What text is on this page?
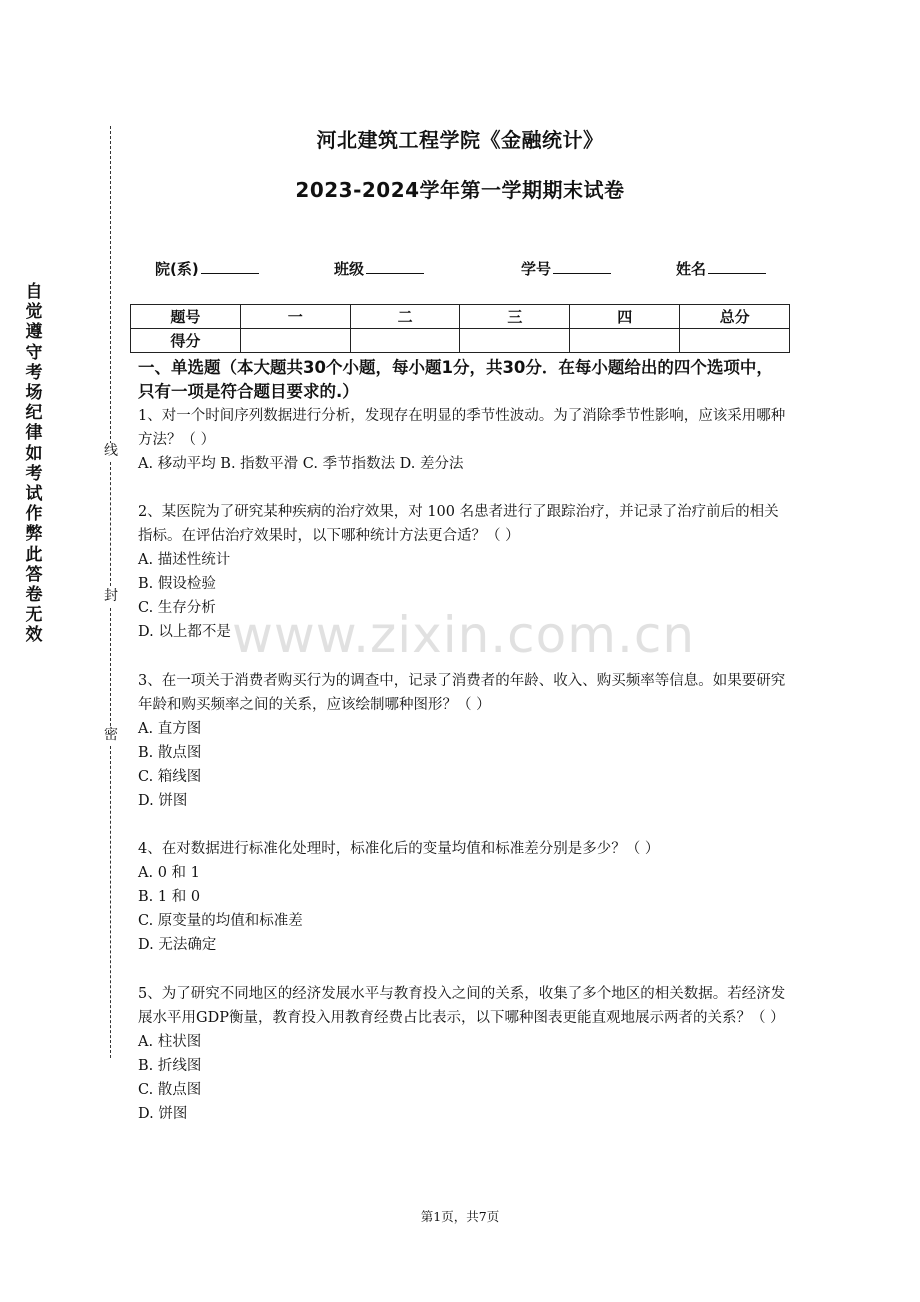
自觉遵守考场纪律如考试作弊此答卷无效
线
封
密
河北建筑工程学院《金融统计》
2023-2024学年第一学期期末试卷
院(系)	班级	学号	姓名
题号	一	二	三	四	总分
得分					
一、单选题（本大题共30个小题，每小题1分，共30分．在每小题给出的四个选项中，只有一项是符合题目要求的.）

1、对一个时间序列数据进行分析，发现存在明显的季节性波动。为了消除季节性影响，应该采用哪种方法？（ ）

A. 移动平均 B. 指数平滑 C. 季节指数法 D. 差分法

2、某医院为了研究某种疾病的治疗效果，对 100 名患者进行了跟踪治疗，并记录了治疗前后的相关指标。在评估治疗效果时，以下哪种统计方法更合适？（ ）

A. 描述性统计

B. 假设检验

C. 生存分析

D. 以上都不是

3、在一项关于消费者购买行为的调查中，记录了消费者的年龄、收入、购买频率等信息。如果要研究年龄和购买频率之间的关系，应该绘制哪种图形？（ ）

A. 直方图

B. 散点图

C. 箱线图

D. 饼图

4、在对数据进行标准化处理时，标准化后的变量均值和标准差分别是多少？（ ）

A. 0 和 1

B. 1 和 0

C. 原变量的均值和标准差

D. 无法确定

5、为了研究不同地区的经济发展水平与教育投入之间的关系，收集了多个地区的相关数据。若经济发展水平用GDP衡量，教育投入用教育经费占比表示，以下哪种图表更能直观地展示两者的关系？（ ）

A. 柱状图

B. 折线图

C. 散点图

D. 饼图

www.zixin.com.cn
第1页，共7页
